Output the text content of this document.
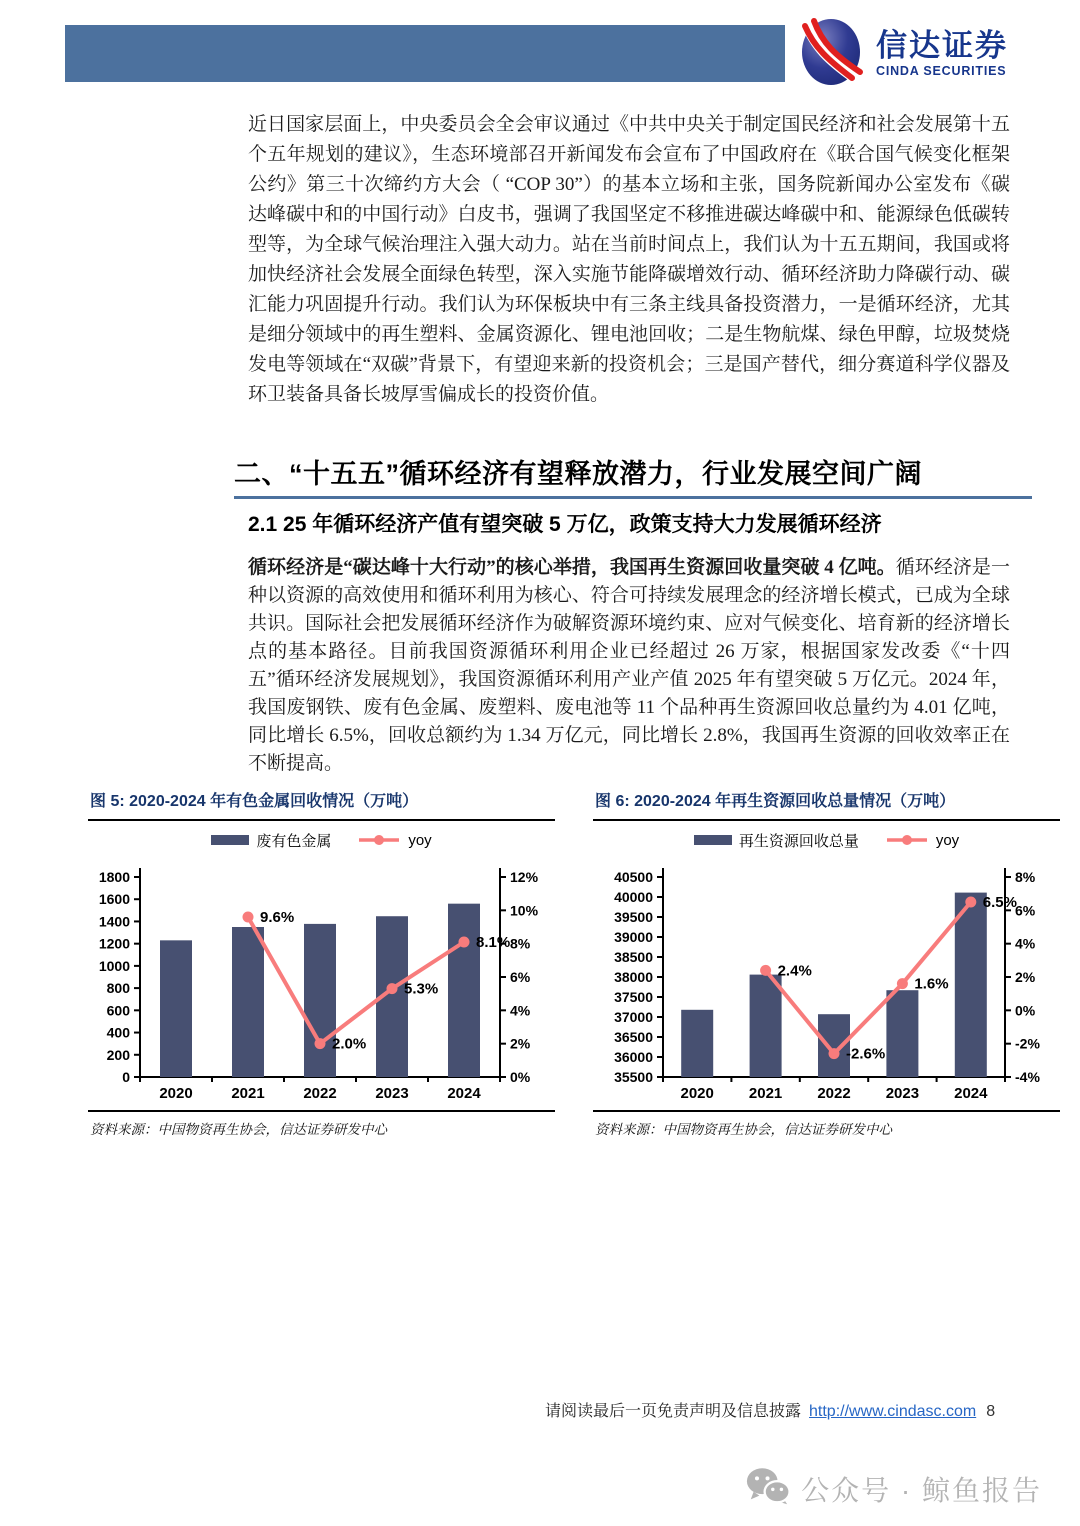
信达证券
CINDA SECURITIES
近日国家层面上，中央委员会全会审议通过《中共中央关于制定国民经济和社会发展第十五个五年规划的建议》，生态环境部召开新闻发布会宣布了中国政府在《联合国气候变化框架公约》第三十次缔约方大会（ “COP 30”）的基本立场和主张，国务院新闻办公室发布《碳达峰碳中和的中国行动》白皮书，强调了我国坚定不移推进碳达峰碳中和、能源绿色低碳转型等，为全球气候治理注入强大动力。站在当前时间点上，我们认为十五五期间，我国或将加快经济社会发展全面绿色转型，深入实施节能降碳增效行动、循环经济助力降碳行动、碳汇能力巩固提升行动。我们认为环保板块中有三条主线具备投资潜力，一是循环经济，尤其是细分领域中的再生塑料、金属资源化、锂电池回收；二是生物航煤、绿色甲醇，垃圾焚烧发电等领域在“双碳”背景下，有望迎来新的投资机会；三是国产替代，细分赛道科学仪器及环卫装备具备长坡厚雪偏成长的投资价值。
二、“十五五”循环经济有望释放潜力，行业发展空间广阔
2.1 25 年循环经济产值有望突破 5 万亿，政策支持大力发展循环经济
循环经济是“碳达峰十大行动”的核心举措，我国再生资源回收量突破 4 亿吨。循环经济是一种以资源的高效使用和循环利用为核心、符合可持续发展理念的经济增长模式，已成为全球共识。国际社会把发展循环经济作为破解资源环境约束、应对气候变化、培育新的经济增长点的基本路径。目前我国资源循环利用企业已经超过 26 万家，根据国家发改委《“十四五”循环经济发展规划》，我国资源循环利用产业产值 2025 年有望突破 5 万亿元。2024 年，我国废钢铁、废有色金属、废塑料、废电池等 11 个品种再生资源回收总量约为 4.01 亿吨，同比增长 6.5%，回收总额约为 1.34 万亿元，同比增长 2.8%，我国再生资源的回收效率正在不断提高。
图 5: 2020-2024 年有色金属回收情况（万吨）
废有色金属	yoy
0
200
400
600
800
1000
1200
1400
1600
1800
0%
2%
4%
6%
8%
10%
12%
2020	2021	2022	2023	2024
9.6%
2.0%
5.3%
8.1%
资料来源：中国物资再生协会，信达证券研发中心
图 6: 2020-2024 年再生资源回收总量情况（万吨）
再生资源回收总量	yoy
35500
36000
36500
37000
37500
38000
38500
39000
39500
40000
40500
-4%
-2%
0%
2%
4%
6%
8%
2020 2021 2022 2023 2024
2.4%
-2.6%
1.6%
6.5%
资料来源：中国物资再生协会，信达证券研发中心
请阅读最后一页免责声明及信息披露 http://www.cindasc.com 8
公众号 · 鲸鱼报告
